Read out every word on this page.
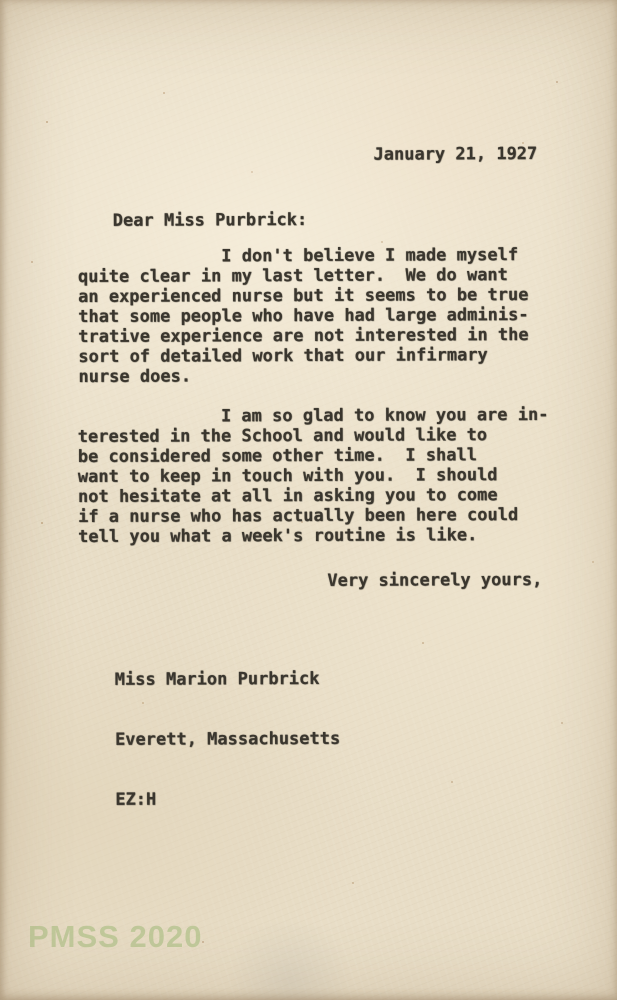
January 21, 1927
Dear Miss Purbrick:
I don't believe I made myself
quite clear in my last letter.  We do want
an experienced nurse but it seems to be true
that some people who have had large adminis-
trative experience are not interested in the
sort of detailed work that our infirmary
nurse does.
I am so glad to know you are in-
terested in the School and would like to
be considered some other time.  I shall
want to keep in touch with you.  I should
not hesitate at all in asking you to come
if a nurse who has actually been here could
tell you what a week's routine is like.
Very sincerely yours,

Miss Marion Purbrick

Everett, Massachusetts

EZ:H

PMSS 2020
